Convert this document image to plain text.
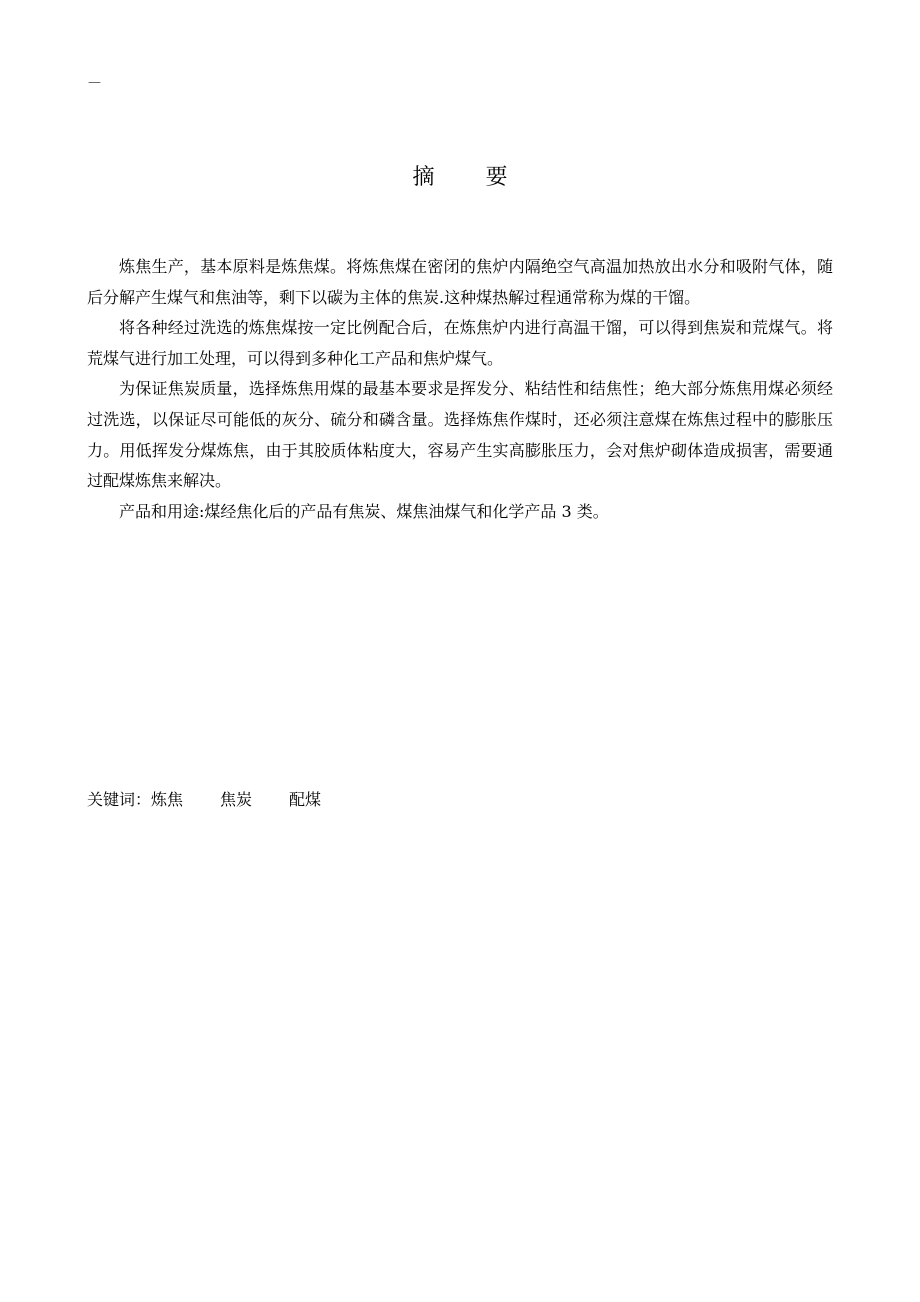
—
摘 要

炼焦生产，基本原料是炼焦煤。将炼焦煤在密闭的焦炉内隔绝空气高温加热放出水分和吸附气体，随后分解产生煤气和焦油等，剩下以碳为主体的焦炭.这种煤热解过程通常称为煤的干馏。

将各种经过洗选的炼焦煤按一定比例配合后，在炼焦炉内进行高温干馏，可以得到焦炭和荒煤气。将荒煤气进行加工处理，可以得到多种化工产品和焦炉煤气。

为保证焦炭质量，选择炼焦用煤的最基本要求是挥发分、粘结性和结焦性；绝大部分炼焦用煤必须经过洗选，以保证尽可能低的灰分、硫分和磷含量。选择炼焦作煤时，还必须注意煤在炼焦过程中的膨胀压力。用低挥发分煤炼焦，由于其胶质体粘度大，容易产生实高膨胀压力，会对焦炉砌体造成损害，需要通过配煤炼焦来解决。

产品和用途:煤经焦化后的产品有焦炭、煤焦油煤气和化学产品 3 类。

关键词：炼焦 焦炭 配煤
